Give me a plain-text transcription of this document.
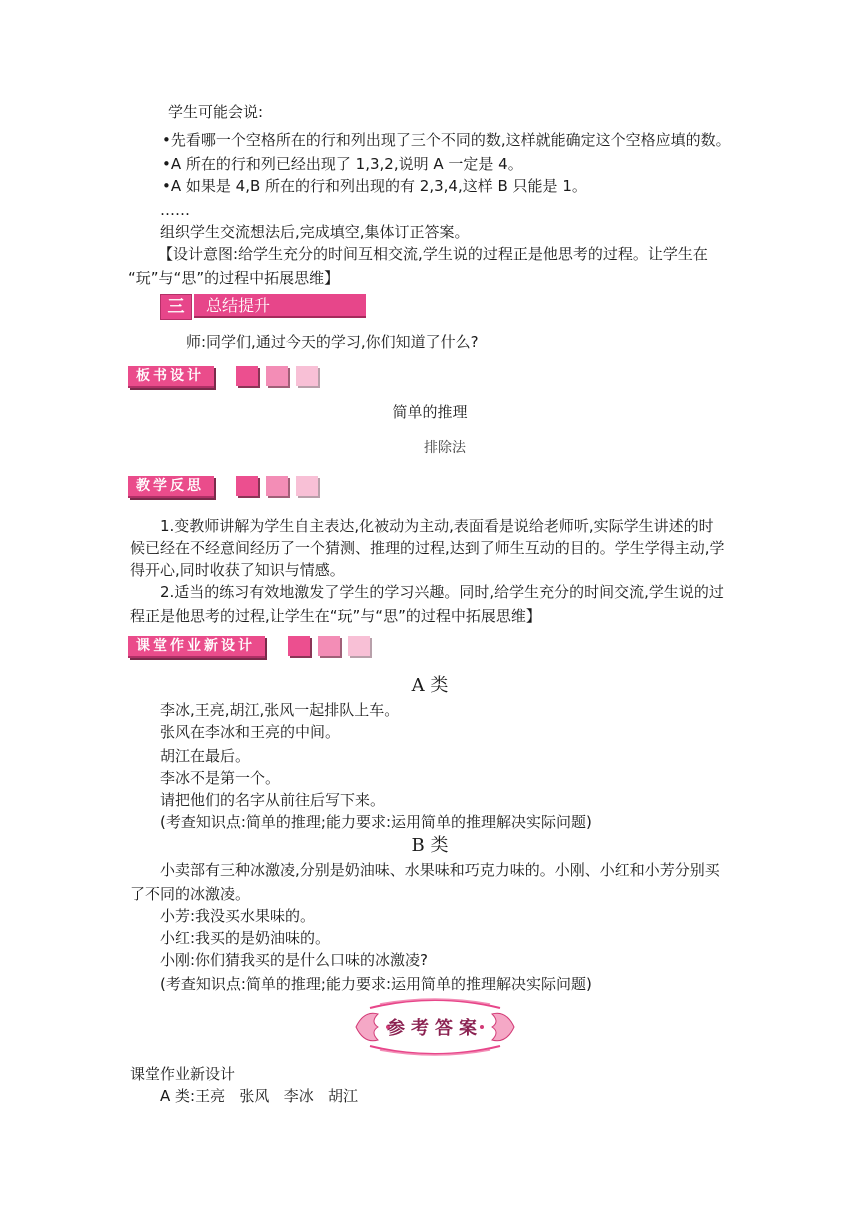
学生可能会说:
•先看哪一个空格所在的行和列出现了三个不同的数,这样就能确定这个空格应填的数。
•A 所在的行和列已经出现了 1,3,2,说明 A 一定是 4。
•A 如果是 4,B 所在的行和列出现的有 2,3,4,这样 B 只能是 1。
……
组织学生交流想法后,完成填空,集体订正答案。
【设计意图:给学生充分的时间互相交流,学生说的过程正是他思考的过程。让学生在
“玩”与“思”的过程中拓展思维】
三	总结提升
师:同学们,通过今天的学习,你们知道了什么?
板书设计
简单的推理
排除法
教学反思
1.变教师讲解为学生自主表达,化被动为主动,表面看是说给老师听,实际学生讲述的时
候已经在不经意间经历了一个猜测、推理的过程,达到了师生互动的目的。学生学得主动,学
得开心,同时收获了知识与情感。
2.适当的练习有效地激发了学生的学习兴趣。同时,给学生充分的时间交流,学生说的过
程正是他思考的过程,让学生在“玩”与“思”的过程中拓展思维】
课堂作业新设计
A 类
李冰,王亮,胡江,张风一起排队上车。
张风在李冰和王亮的中间。
胡江在最后。
李冰不是第一个。
请把他们的名字从前往后写下来。
(考查知识点:简单的推理;能力要求:运用简单的推理解决实际问题)
B 类
小卖部有三种冰激凌,分别是奶油味、水果味和巧克力味的。小刚、小红和小芳分别买
了不同的冰激凌。
小芳:我没买水果味的。
小红:我买的是奶油味的。
小刚:你们猜我买的是什么口味的冰激凌?
(考查知识点:简单的推理;能力要求:运用简单的推理解决实际问题)
参考答案
课堂作业新设计
A 类:王亮   张风   李冰   胡江
